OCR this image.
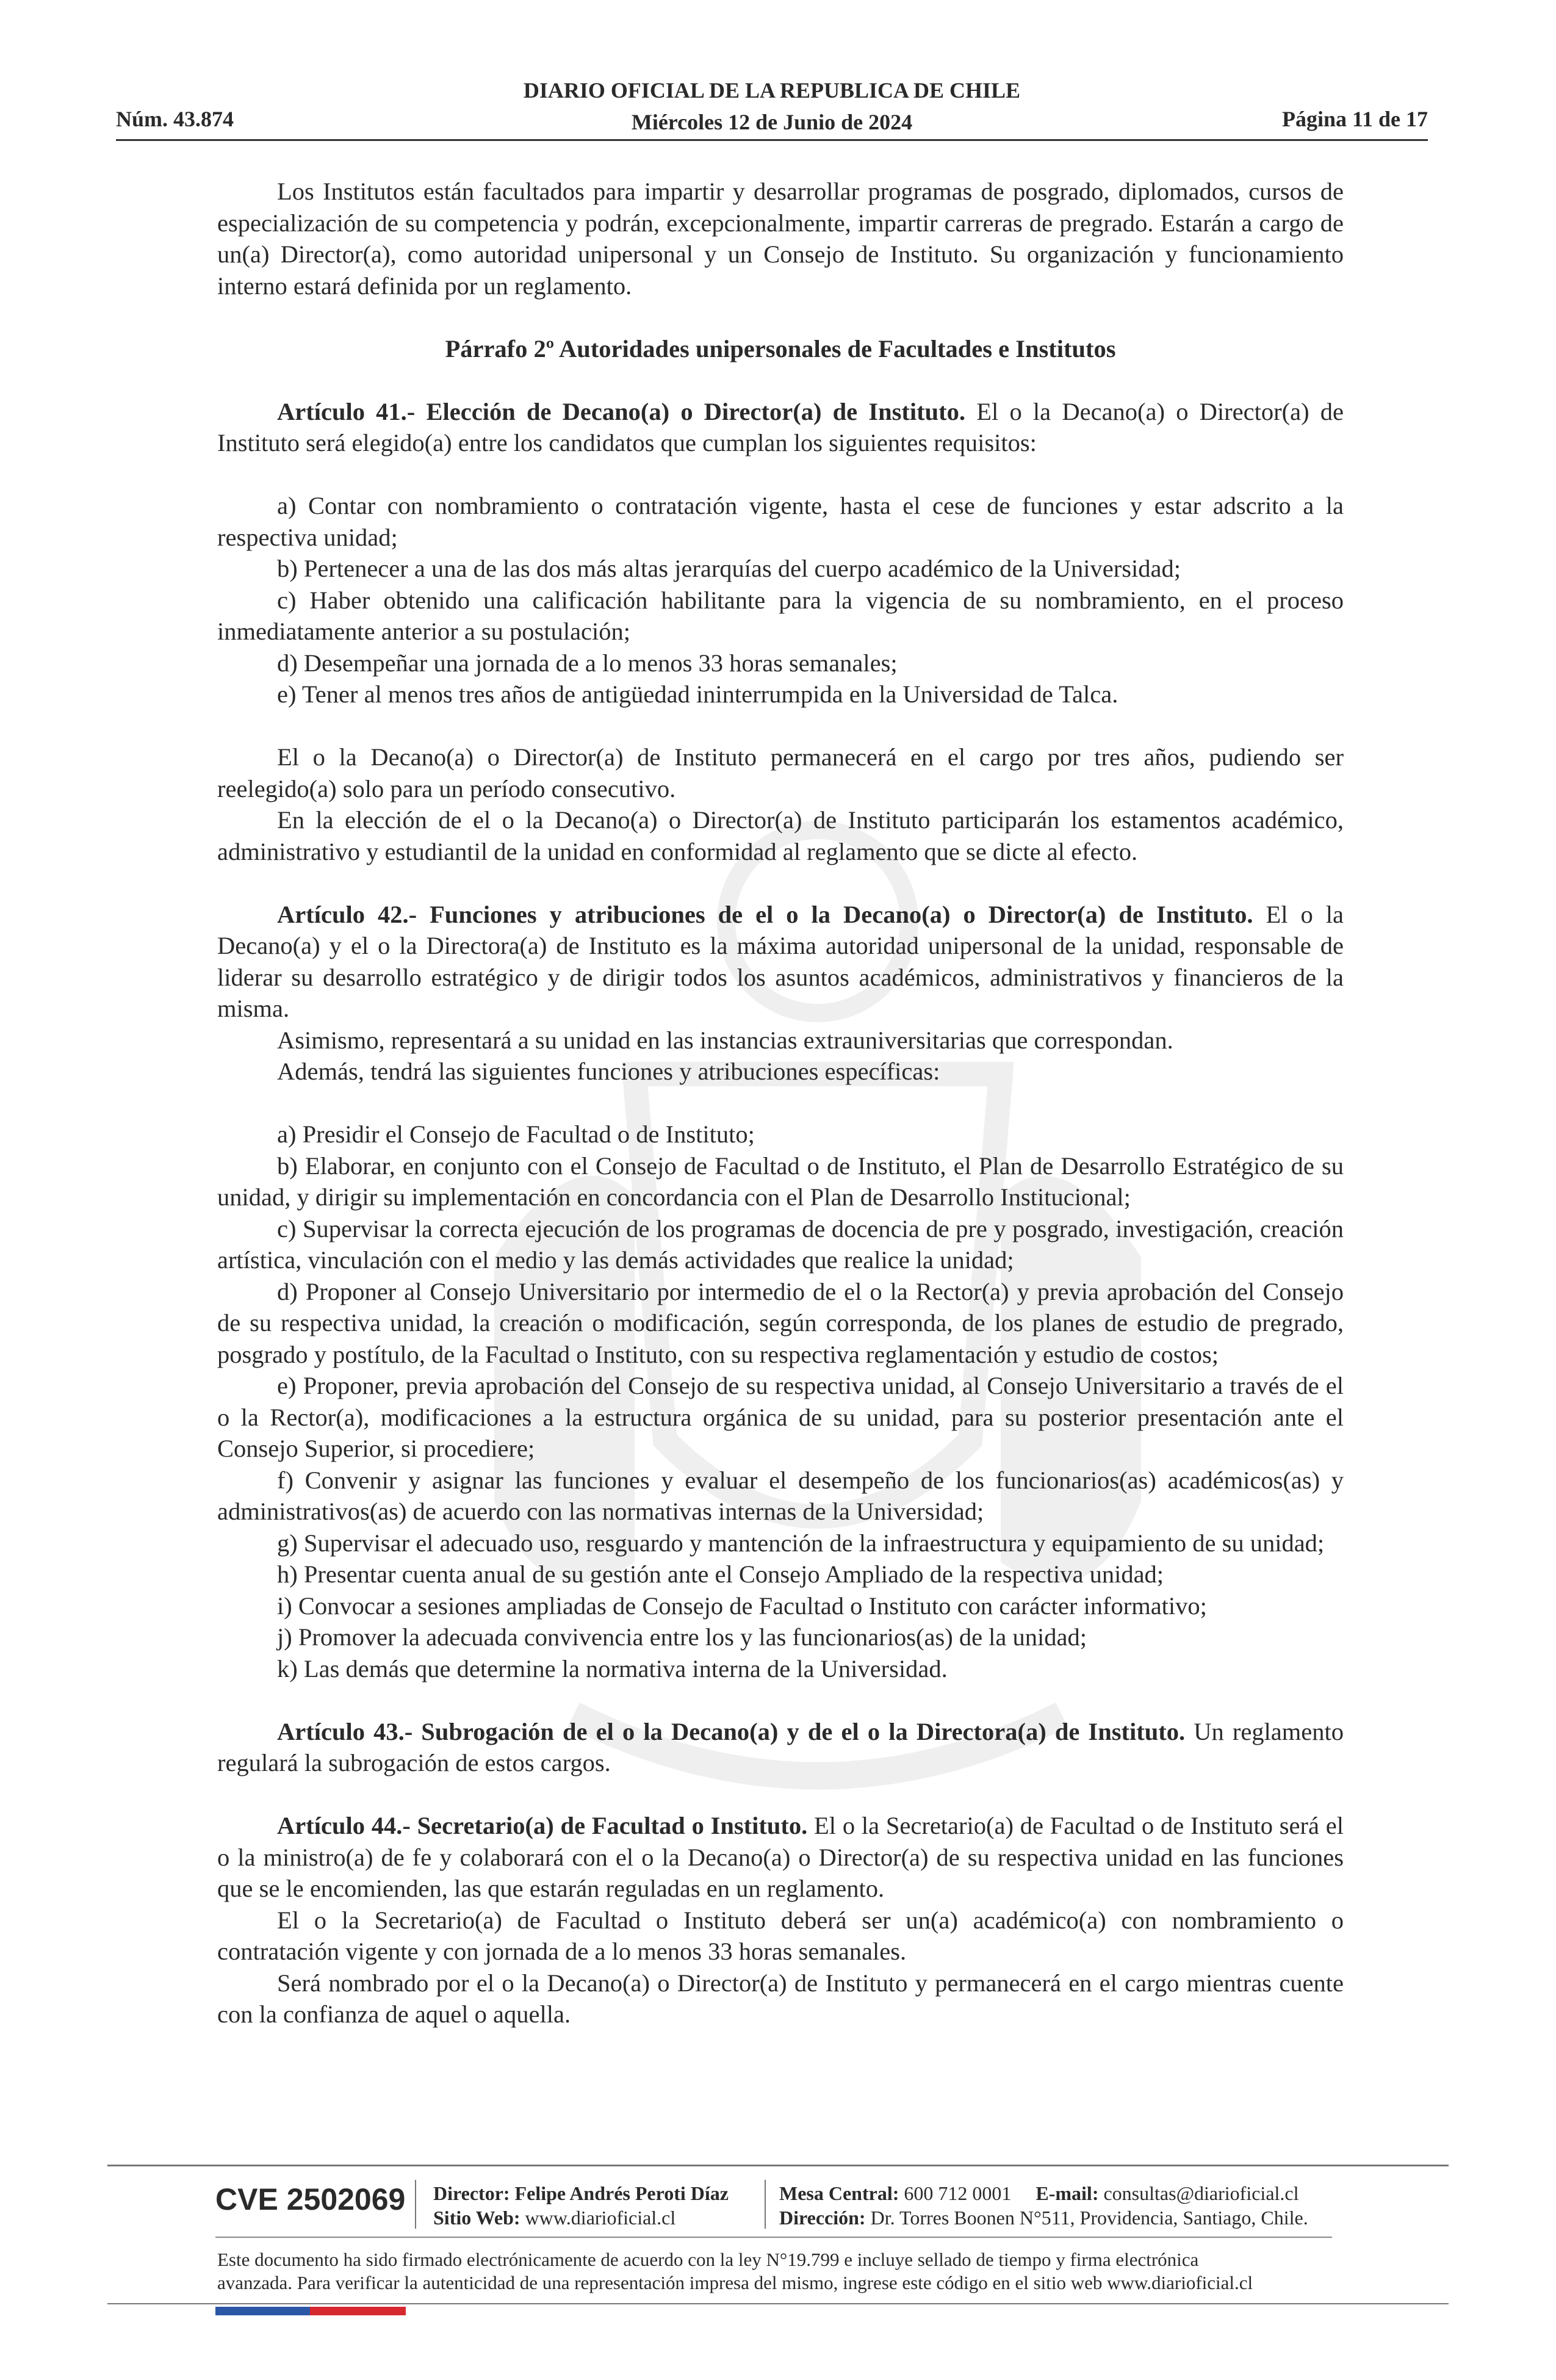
Núm. 43.874
DIARIO OFICIAL DE LA REPUBLICA DE CHILE
Miércoles 12 de Junio de 2024	Página 11 de 17

Los Institutos están facultados para impartir y desarrollar programas de posgrado, diplomados, cursos de especialización de su competencia y podrán, excepcionalmente, impartir carreras de pregrado. Estarán a cargo de un(a) Director(a), como autoridad unipersonal y un Consejo de Instituto. Su organización y funcionamiento interno estará definida por un reglamento.

Párrafo 2º Autoridades unipersonales de Facultades e Institutos

Artículo 41.- Elección de Decano(a) o Director(a) de Instituto. El o la Decano(a) o Director(a) de Instituto será elegido(a) entre los candidatos que cumplan los siguientes requisitos:

a) Contar con nombramiento o contratación vigente, hasta el cese de funciones y estar adscrito a la respectiva unidad;

b) Pertenecer a una de las dos más altas jerarquías del cuerpo académico de la Universidad;

c) Haber obtenido una calificación habilitante para la vigencia de su nombramiento, en el proceso inmediatamente anterior a su postulación;

d) Desempeñar una jornada de a lo menos 33 horas semanales;

e) Tener al menos tres años de antigüedad ininterrumpida en la Universidad de Talca.

El o la Decano(a) o Director(a) de Instituto permanecerá en el cargo por tres años, pudiendo ser reelegido(a) solo para un período consecutivo.

En la elección de el o la Decano(a) o Director(a) de Instituto participarán los estamentos académico, administrativo y estudiantil de la unidad en conformidad al reglamento que se dicte al efecto.

Artículo 42.- Funciones y atribuciones de el o la Decano(a) o Director(a) de Instituto. El o la Decano(a) y el o la Directora(a) de Instituto es la máxima autoridad unipersonal de la unidad, responsable de liderar su desarrollo estratégico y de dirigir todos los asuntos académicos, administrativos y financieros de la misma.

Asimismo, representará a su unidad en las instancias extrauniversitarias que correspondan.

Además, tendrá las siguientes funciones y atribuciones específicas:

a) Presidir el Consejo de Facultad o de Instituto;

b) Elaborar, en conjunto con el Consejo de Facultad o de Instituto, el Plan de Desarrollo Estratégico de su unidad, y dirigir su implementación en concordancia con el Plan de Desarrollo Institucional;

c) Supervisar la correcta ejecución de los programas de docencia de pre y posgrado, investigación, creación artística, vinculación con el medio y las demás actividades que realice la unidad;

d) Proponer al Consejo Universitario por intermedio de el o la Rector(a) y previa aprobación del Consejo de su respectiva unidad, la creación o modificación, según corresponda, de los planes de estudio de pregrado, posgrado y postítulo, de la Facultad o Instituto, con su respectiva reglamentación y estudio de costos;

e) Proponer, previa aprobación del Consejo de su respectiva unidad, al Consejo Universitario a través de el o la Rector(a), modificaciones a la estructura orgánica de su unidad, para su posterior presentación ante el Consejo Superior, si procediere;

f) Convenir y asignar las funciones y evaluar el desempeño de los funcionarios(as) académicos(as) y administrativos(as) de acuerdo con las normativas internas de la Universidad;

g) Supervisar el adecuado uso, resguardo y mantención de la infraestructura y equipamiento de su unidad;

h) Presentar cuenta anual de su gestión ante el Consejo Ampliado de la respectiva unidad;

i) Convocar a sesiones ampliadas de Consejo de Facultad o Instituto con carácter informativo;

j) Promover la adecuada convivencia entre los y las funcionarios(as) de la unidad;

k) Las demás que determine la normativa interna de la Universidad.

Artículo 43.- Subrogación de el o la Decano(a) y de el o la Directora(a) de Instituto. Un reglamento regulará la subrogación de estos cargos.

Artículo 44.- Secretario(a) de Facultad o Instituto. El o la Secretario(a) de Facultad o de Instituto será el o la ministro(a) de fe y colaborará con el o la Decano(a) o Director(a) de su respectiva unidad en las funciones que se le encomienden, las que estarán reguladas en un reglamento.

El o la Secretario(a) de Facultad o Instituto deberá ser un(a) académico(a) con nombramiento o contratación vigente y con jornada de a lo menos 33 horas semanales.

Será nombrado por el o la Decano(a) o Director(a) de Instituto y permanecerá en el cargo mientras cuente con la confianza de aquel o aquella.

CVE 2502069 Director: Felipe Andrés Peroti Díaz
Sitio Web: www.diarioficial.cl
Mesa Central: 600 712 0001 E-mail: consultas@diarioficial.cl
Dirección: Dr. Torres Boonen N°511, Providencia, Santiago, Chile.
Este documento ha sido firmado electrónicamente de acuerdo con la ley N°19.799 e incluye sellado de tiempo y firma electrónica
avanzada. Para verificar la autenticidad de una representación impresa del mismo, ingrese este código en el sitio web www.diarioficial.cl
